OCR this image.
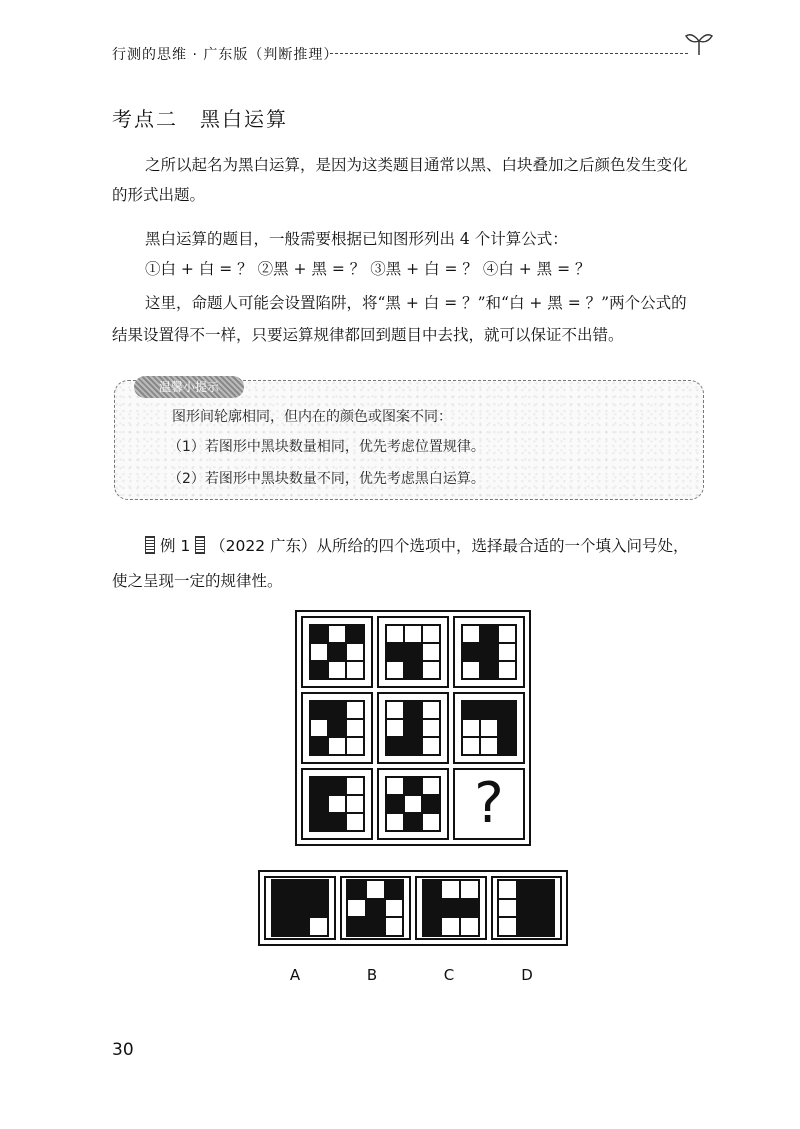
行测的思维 · 广东版（判断推理）
考点二 黑白运算
之所以起名为黑白运算，是因为这类题目通常以黑、白块叠加之后颜色发生变化
的形式出题。
黑白运算的题目，一般需要根据已知图形列出 4 个计算公式：
①白 + 白 = ？ ②黑 + 黑 = ？ ③黑 + 白 = ？ ④白 + 黑 = ？
这里，命题人可能会设置陷阱，将“黑 + 白 = ？”和“白 + 黑 = ？”两个公式的
结果设置得不一样，只要运算规律都回到题目中去找，就可以保证不出错。
温馨小提示
图形间轮廓相同，但内在的颜色或图案不同：
（1）若图形中黑块数量相同，优先考虑位置规律。
（2）若图形中黑块数量不同，优先考虑黑白运算。
例 1 （2022 广东）从所给的四个选项中，选择最合适的一个填入问号处，
使之呈现一定的规律性。
?
A	B	C	D
30
